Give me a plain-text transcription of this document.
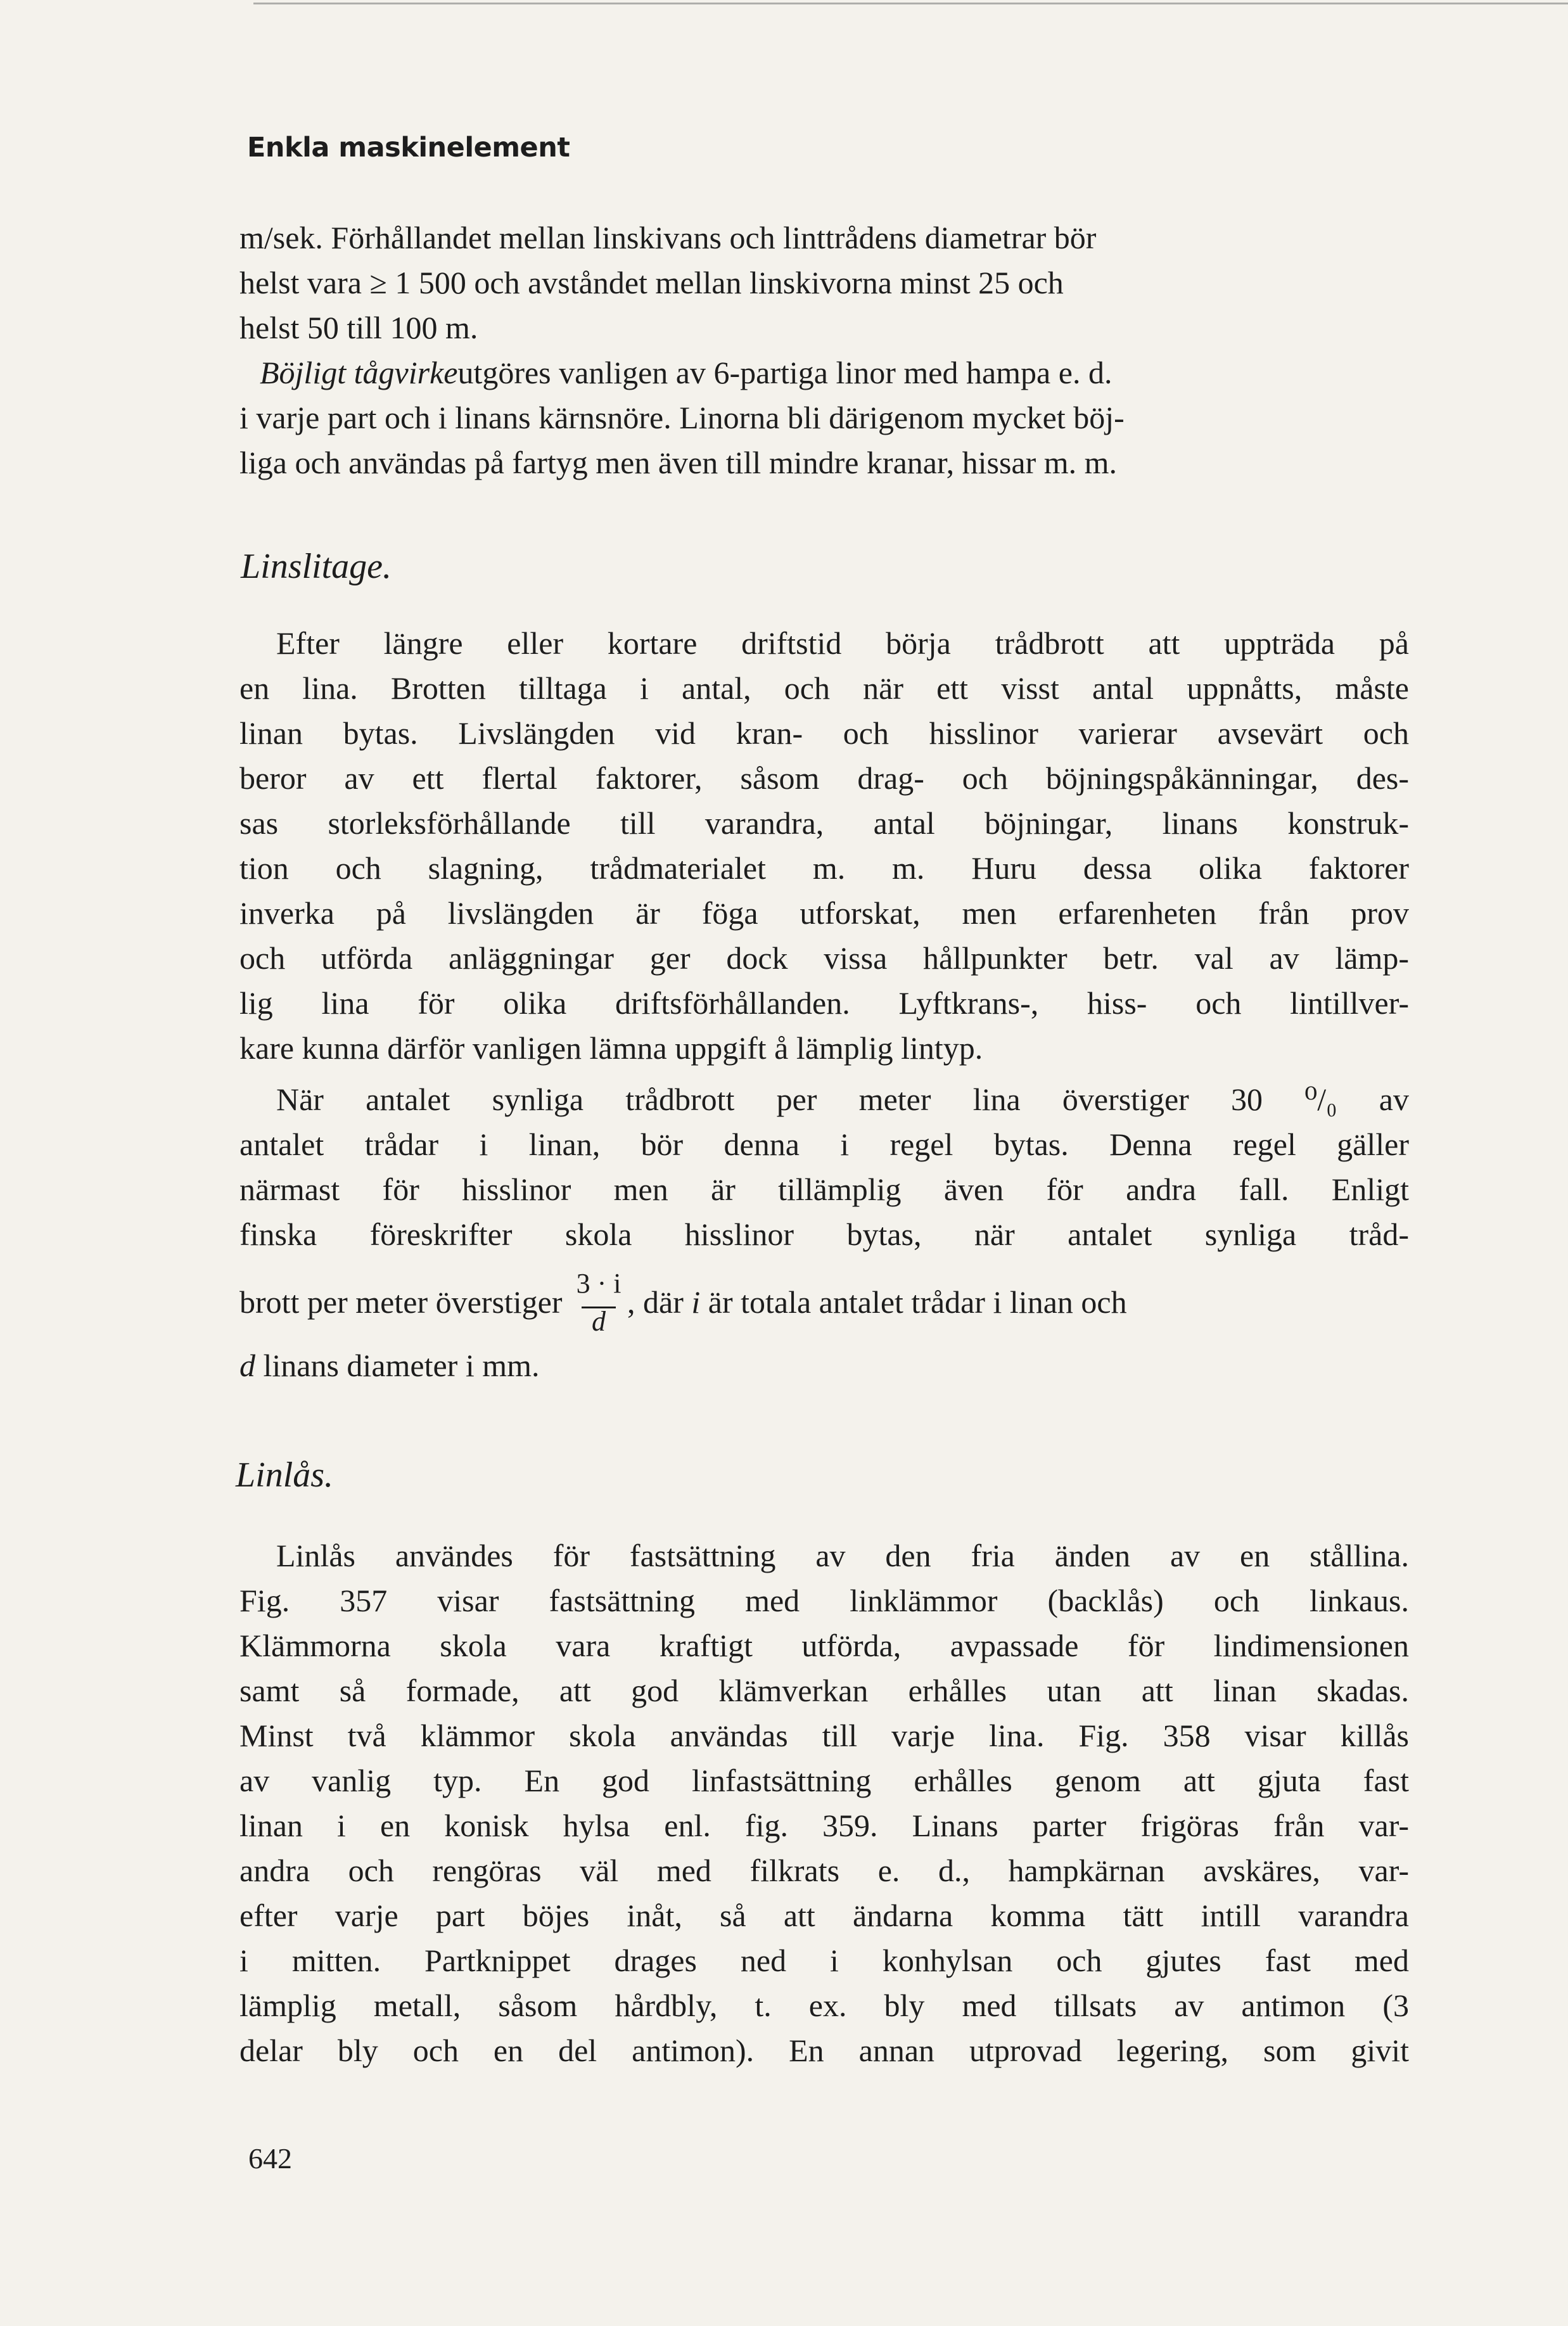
Enkla maskinelement
m/sek. Förhållandet mellan linskivans och linttrådens diametrar bör
helst vara ≥ 1 500 och avståndet mellan linskivorna minst 25 och
helst 50 till 100 m.
Böjligt tågvirke utgöres vanligen av 6-partiga linor med hampa e. d.
i varje part och i linans kärnsnöre. Linorna bli därigenom mycket böj-
liga och användas på fartyg men även till mindre kranar, hissar m. m.
Linslitage.
Efter längre eller kortare driftstid börja trådbrott att uppträda på
en lina. Brotten tilltaga i antal, och när ett visst antal uppnåtts, måste
linan bytas. Livslängden vid kran- och hisslinor varierar avsevärt och
beror av ett flertal faktorer, såsom drag- och böjningspåkänningar, des-
sas storleksförhållande till varandra, antal böjningar, linans konstruk-
tion och slagning, trådmaterialet m. m. Huru dessa olika faktorer
inverka på livslängden är föga utforskat, men erfarenheten från prov
och utförda anläggningar ger dock vissa hållpunkter betr. val av lämp-
lig lina för olika driftsförhållanden. Lyftkrans-, hiss- och lintillver-
kare kunna därför vanligen lämna uppgift å lämplig lintyp.
När antalet synliga trådbrott per meter lina överstiger 30 ⁰/₀ av
antalet trådar i linan, bör denna i regel bytas. Denna regel gäller
närmast för hisslinor men är tillämplig även för andra fall. Enligt
finska föreskrifter skola hisslinor bytas, när antalet synliga tråd-
brott per meter överstiger $\frac{3 \cdot i}{d}$ , där i är totala antalet trådar i linan och
d linans diameter i mm.
Linlås.
Linlås användes för fastsättning av den fria änden av en stållina.
Fig. 357 visar fastsättning med linklämmor (backlås) och linkaus.
Klämmorna skola vara kraftigt utförda, avpassade för lindimensionen
samt så formade, att god klämverkan erhålles utan att linan skadas.
Minst två klämmor skola användas till varje lina. Fig. 358 visar killås
av vanlig typ. En god linfastsättning erhålles genom att gjuta fast
linan i en konisk hylsa enl. fig. 359. Linans parter frigöras från var-
andra och rengöras väl med filkrats e. d., hampkärnan avskäres, var-
efter varje part böjes inåt, så att ändarna komma tätt intill varandra
i mitten. Partknippet drages ned i konhylsan och gjutes fast med
lämplig metall, såsom hårdbly, t. ex. bly med tillsats av antimon (3
delar bly och en del antimon). En annan utprovad legering, som givit
642
